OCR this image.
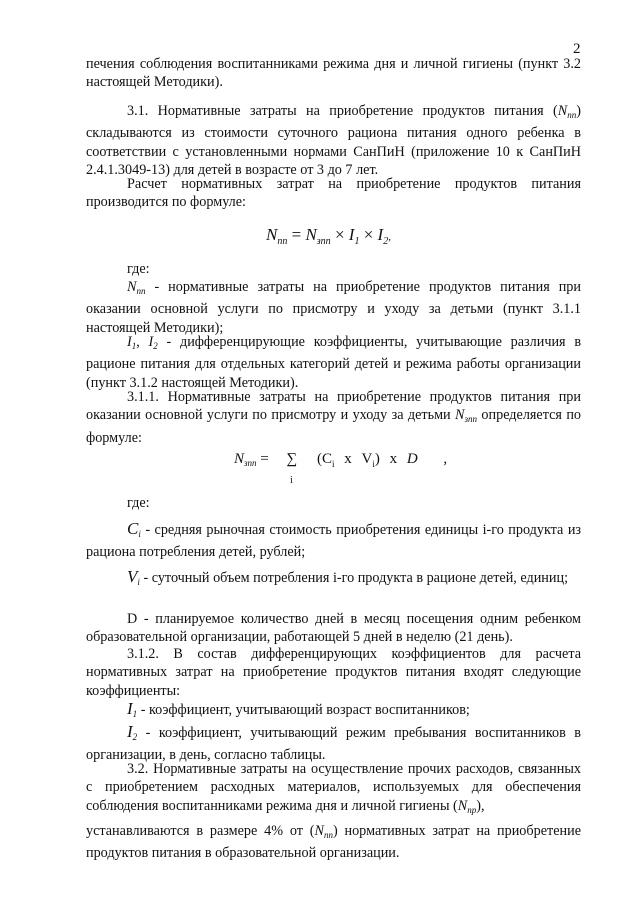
2
печения соблюдения воспитанниками режима дня и личной гигиены (пункт 3.2 настоящей Методики).
3.1. Нормативные затраты на приобретение продуктов питания $(N_{пп})$ складываются из стоимости суточного рациона питания одного ребенка в соответствии с установленными нормами СанПиН (приложение 10 к СанПиН 2.4.1.3049-13) для детей в возрасте от 3 до 7 лет.
Расчет нормативных затрат на приобретение продуктов питания производится по формуле:
$N_{пп} = N_{зпп} \times I_1 \times I_2$,
где:
$N_{пп}$ - нормативные затраты на приобретение продуктов питания при оказании основной услуги по присмотру и уходу за детьми (пункт 3.1.1 настоящей Методики);
$I_1$, $I_2$ - дифференцирующие коэффициенты, учитывающие различия в рационе питания для отдельных категорий детей и режима работы организации (пункт 3.1.2 настоящей Методики).
3.1.1. Нормативные затраты на приобретение продуктов питания при оказании основной услуги по присмотру и уходу за детьми $N_{зпп}$ определяется по формуле:
$N_{зпп}$ = ∑ ($C_i$ x $V_i$) x D ,
i
где:
$C_i$ - средняя рыночная стоимость приобретения единицы i-го продукта из рациона потребления детей, рублей;
$V_i$ - суточный объем потребления i-го продукта в рационе детей, единиц;
D - планируемое количество дней в месяц посещения одним ребенком образовательной организации, работающей 5 дней в неделю (21 день).
3.1.2. В состав дифференцирующих коэффициентов для расчета нормативных затрат на приобретение продуктов питания входят следующие коэффициенты:
$I_1$ - коэффициент, учитывающий возраст воспитанников;
$I_2$ - коэффициент, учитывающий режим пребывания воспитанников в организации, в день, согласно таблицы.
3.2. Нормативные затраты на осуществление прочих расходов, связанных с приобретением расходных материалов, используемых для обеспечения соблюдения воспитанниками режима дня и личной гигиены $(N_{пр})$,
устанавливаются в размере 4% от $(N_{пп})$ нормативных затрат на приобретение продуктов питания в образовательной организации.
